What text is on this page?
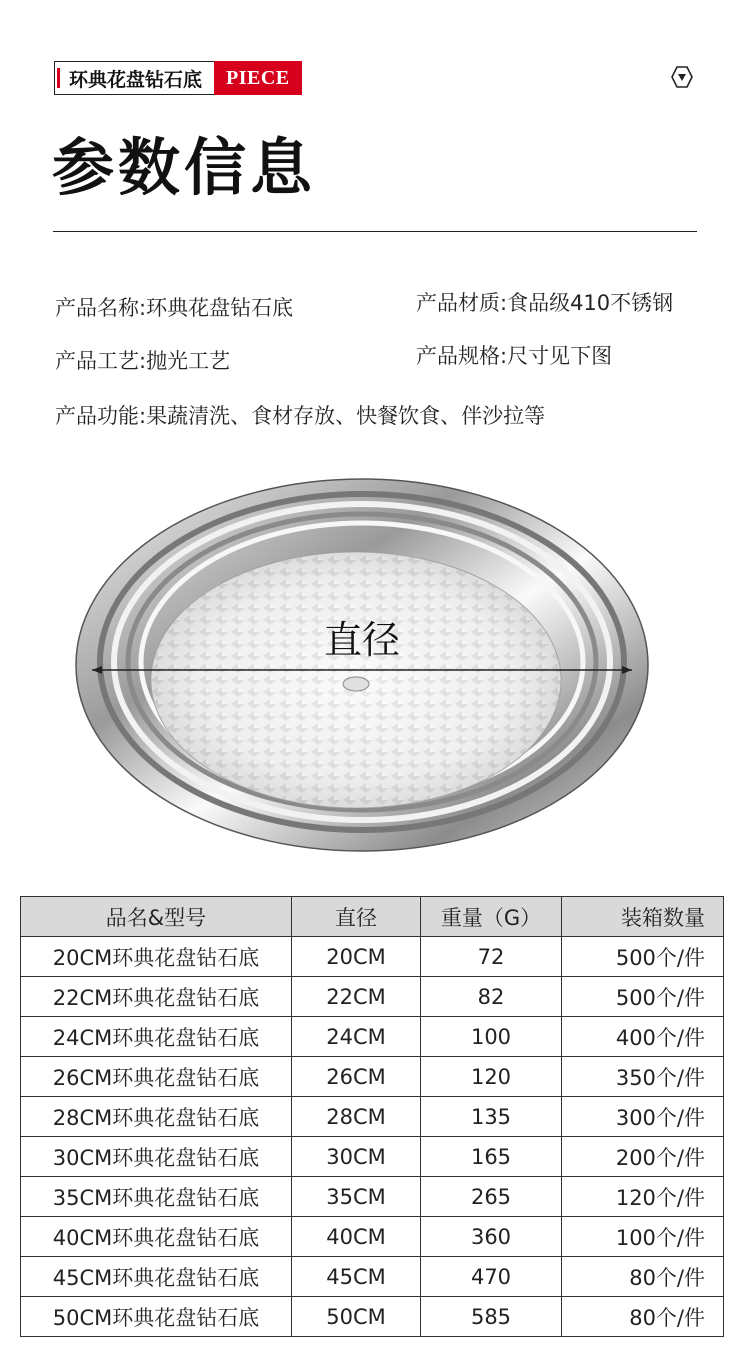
环典花盘钻石底	PIECE
参数信息
产品名称:环典花盘钻石底	产品材质:食品级410不锈钢
产品工艺:抛光工艺	产品规格:尺寸见下图
产品功能:果蔬清洗、食材存放、快餐饮食、伴沙拉等
直径
品名&型号	直径	重量（G）	装箱数量
20CM环典花盘钻石底	20CM	72	500个/件
22CM环典花盘钻石底	22CM	82	500个/件
24CM环典花盘钻石底	24CM	100	400个/件
26CM环典花盘钻石底	26CM	120	350个/件
28CM环典花盘钻石底	28CM	135	300个/件
30CM环典花盘钻石底	30CM	165	200个/件
35CM环典花盘钻石底	35CM	265	120个/件
40CM环典花盘钻石底	40CM	360	100个/件
45CM环典花盘钻石底	45CM	470	80个/件
50CM环典花盘钻石底	50CM	585	80个/件
